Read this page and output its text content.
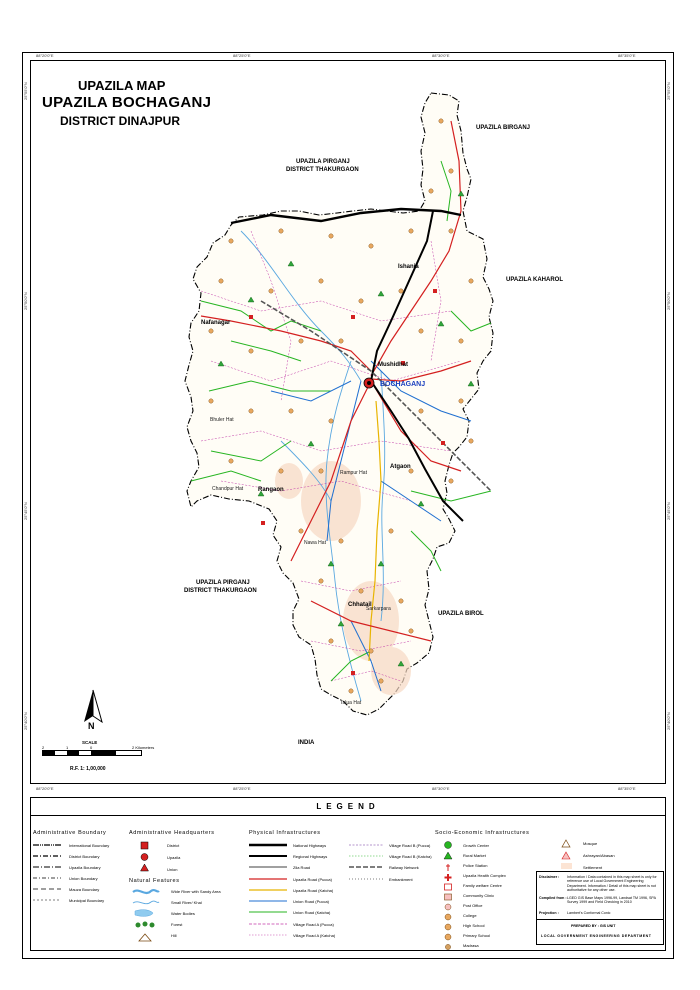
88°20'0"E	88°25'0"E	88°30'0"E	88°35'0"E
88°20'0"E	88°25'0"E	88°30'0"E	88°35'0"E
25°55'0"N
25°50'0"N
25°45'0"N
25°40'0"N
25°55'0"N
25°50'0"N
25°45'0"N
25°40'0"N
UPAZILA MAP
UPAZILA BOCHAGANJ
DISTRICT DINAJPUR	UPAZILA BIRGANJ
UPAZILA PIRGANJ
DISTRICT THAKURGAON
UPAZILA KAHAROL
UPAZILA PIRGANJ
DISTRICT THAKURGAON
UPAZILA BIROL
INDIA
BOCHAGANJ
Mushidhat
Nafanagar
Ishania
Atgaon
Rangaon
Chhatail
Rampur Hat
Bhuler Hat
Nawa Hat
Chandpur Hat
Sarkarpara
Talua Hat
N
SCALE
2	1	0	2 Kilometers
R.F. 1: 1,00,000
LEGEND
Administrative Boundary
International Boundary
District Boundary
Upazila Boundary
Union Boundary
Mauza Boundary
Municipal Boundary
Administrative Headquarters
District
Upazila
Union
Natural Features
Wide River with Sandy Area
Small River/ Khal
Water Bodies
Forest
Hill
Physical Infrastructures
National Highways
Regional Highways
Zila Road
Upazila Road (Pucca)
Upazila Road (Katcha)
Union Road (Pucca)
Union Road (Katcha)
Village Road A (Pucca)
Village Road A (Katcha)
Village Road B (Pucca)
Village Road B (Katcha)
Railway Network
Embankment
Socio-Economic Infrastructures
Growth Center
Rural Market
Police Station
Upazila Health Complex
Family welfare Centre
Community Clinic
Post Office
College
High School
Primary School
Madrasa
Mosque
Ashrayan/Abasan
Settlement
Disclaimer : Information / Data contained in this map sheet is only for reference use of Local Government Engineering Department. Information / Detail of this map sheet is not authoritative for any other use.
Compiled from : LGED GIS Base Maps 1996-99, Landsat TM 1996, SPA Survey 1999 and Field Checking in 2010
Projection : Lambert's Conformal Conic
PREPARED BY : GIS UNIT
LOCAL GOVERNMENT ENGINEERING DEPARTMENT
